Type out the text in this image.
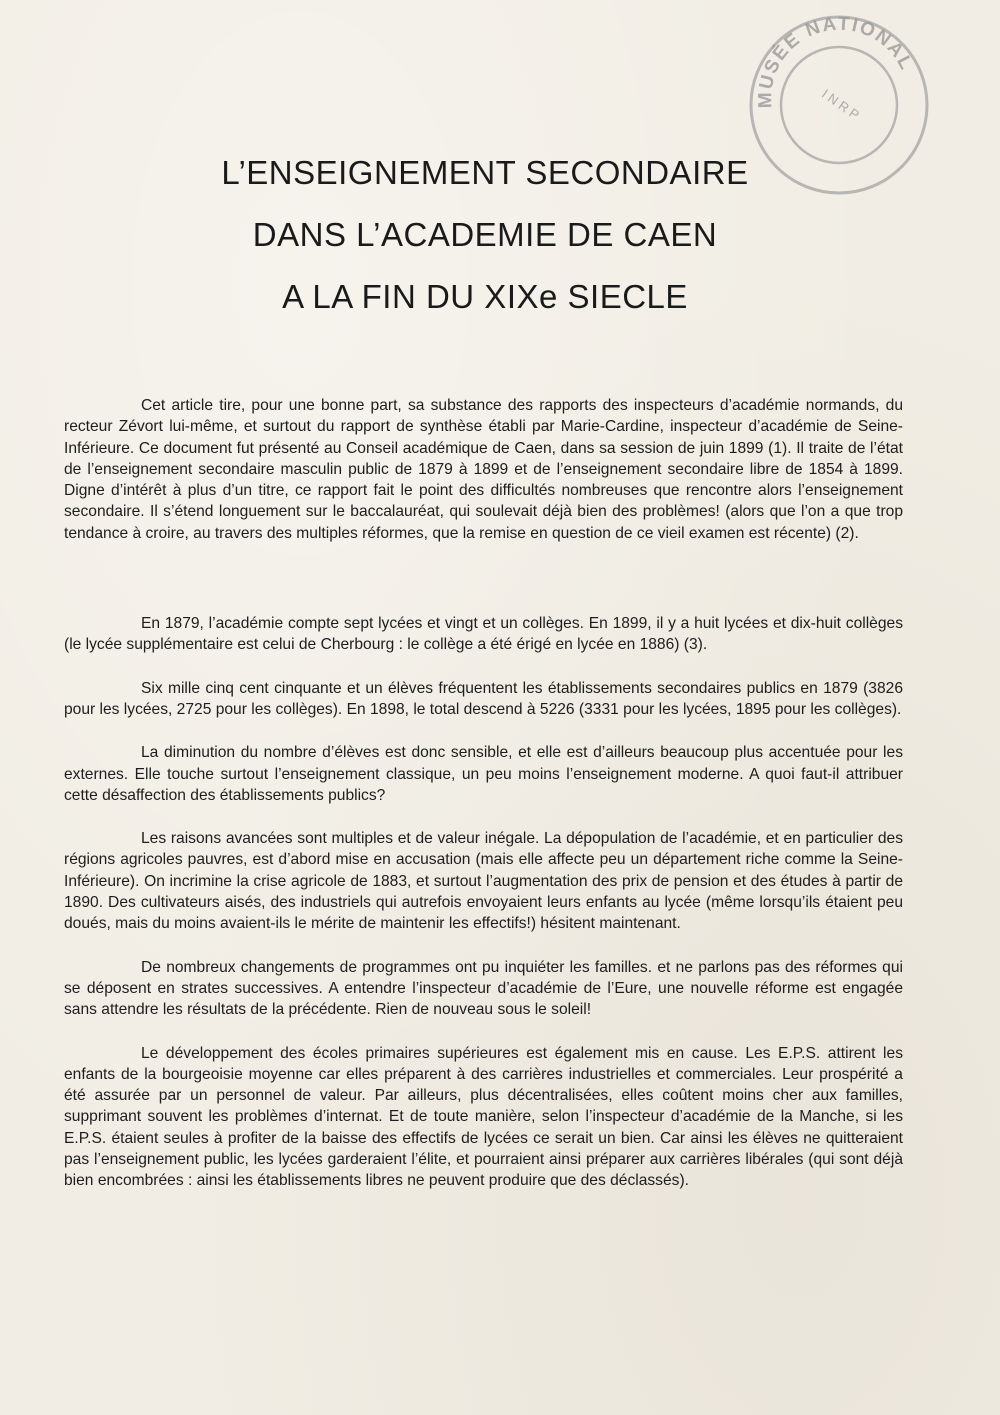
MUSÉE NATIONAL
I N R P

L’ENSEIGNEMENT SECONDAIRE

DANS L’ACADEMIE DE CAEN

A LA FIN DU XIXe SIECLE

Cet article tire, pour une bonne part, sa substance des rapports des inspecteurs d’académie normands, du recteur Zévort lui-même, et surtout du rapport de synthèse établi par Marie-Cardine, inspecteur d’académie de Seine-Inférieure. Ce document fut présenté au Conseil académique de Caen, dans sa session de juin 1899 (1). Il traite de l’état de l’enseignement secondaire masculin public de 1879 à 1899 et de l’enseignement secondaire libre de 1854 à 1899. Digne d’intérêt à plus d’un titre, ce rapport fait le point des difficultés nombreuses que rencontre alors l’enseignement secondaire. Il s’étend longuement sur le baccalauréat, qui soulevait déjà bien des problèmes! (alors que l’on a que trop tendance à croire, au travers des multiples réformes, que la remise en question de ce vieil examen est récente) (2).

En 1879, l’académie compte sept lycées et vingt et un collèges. En 1899, il y a huit lycées et dix-huit collèges (le lycée supplémentaire est celui de Cherbourg : le collège a été érigé en lycée en 1886) (3).

Six mille cinq cent cinquante et un élèves fréquentent les établissements secondaires publics en 1879 (3826 pour les lycées, 2725 pour les collèges). En 1898, le total descend à 5226 (3331 pour les lycées, 1895 pour les collèges).

La diminution du nombre d’élèves est donc sensible, et elle est d’ailleurs beaucoup plus accentuée pour les externes. Elle touche surtout l’enseignement classique, un peu moins l’enseignement moderne. A quoi faut-il attribuer cette désaffection des établissements publics?

Les raisons avancées sont multiples et de valeur inégale. La dépopulation de l’académie, et en particulier des régions agricoles pauvres, est d’abord mise en accusation (mais elle affecte peu un département riche comme la Seine-Inférieure). On incrimine la crise agricole de 1883, et surtout l’augmentation des prix de pension et des études à partir de 1890. Des cultivateurs aisés, des industriels qui autrefois envoyaient leurs enfants au lycée (même lorsqu’ils étaient peu doués, mais du moins avaient-ils le mérite de maintenir les effectifs!) hésitent maintenant.

De nombreux changements de programmes ont pu inquiéter les familles. et ne parlons pas des réformes qui se déposent en strates successives. A entendre l’inspecteur d’académie de l’Eure, une nouvelle réforme est engagée sans attendre les résultats de la précédente. Rien de nouveau sous le soleil!

Le développement des écoles primaires supérieures est également mis en cause. Les E.P.S. attirent les enfants de la bourgeoisie moyenne car elles préparent à des carrières industrielles et commerciales. Leur prospérité a été assurée par un personnel de valeur. Par ailleurs, plus décentralisées, elles coûtent moins cher aux familles, supprimant souvent les problèmes d’internat. Et de toute manière, selon l’inspecteur d’académie de la Manche, si les E.P.S. étaient seules à profiter de la baisse des effectifs de lycées ce serait un bien. Car ainsi les élèves ne quitteraient pas l’enseignement public, les lycées garderaient l’élite, et pourraient ainsi préparer aux carrières libérales (qui sont déjà bien encombrées : ainsi les établissements libres ne peuvent produire que des déclassés).
